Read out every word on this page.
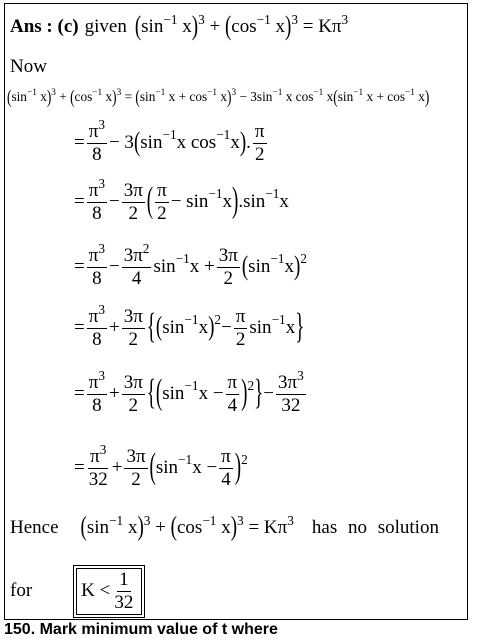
Ans : (c) given ($\sin^{-1}$ $x)^3 + (\cos^{-1}$ $x)^3 = K\pi^3$
Now
($\sin^{-1}$ $x)^3 + (\cos^{-1}$ $x)^3 = (\sin^{-1}$ $x + \cos^{-1} x)^3 - 3\sin^{-1}$ x $\cos^{-1} x(\sin^{-1}$ $x + \cos^{-1} x$)
= $\frac{\pi^3}{8} - 3$ ( $\sin^{-1} x$ $\cos^{-1} x$ ) . $\frac{\pi}{2}$
= $\frac{\pi^3}{8} - \frac{3\pi}{2}$ ( $\frac{\pi}{2} - \sin^{-1} x$ ) $.\sin^{-1}$ x
= $\frac{\pi^3}{8} - \frac{3\pi^2}{4} \sin^{-1} x + \frac{3\pi}{2}$ ( $\sin^{-1} x$ )$^2$
= $\frac{\pi^3}{8} + \frac{3\pi}{2}$ { ( $\sin^{-1} x$ )$^2 - \frac{\pi}{2} \sin^{-1} x$ }
= $\frac{\pi^3}{8} + \frac{3\pi}{2}$ { ( $\sin^{-1} x - \frac{\pi}{4} )^2$ } − $\frac{3\pi^3}{32}$
= $\frac{\pi^3}{32} + \frac{3\pi}{2}$ ( $\sin^{-1} x - \frac{\pi}{4} )^2$
Hence ($\sin^{-1}$ $x)^3 + (\cos^{-1}$ $x)^3 = K\pi^3$ has no solution
for	$K < \frac{1}{32}$
150. Mark minimum value of t where
